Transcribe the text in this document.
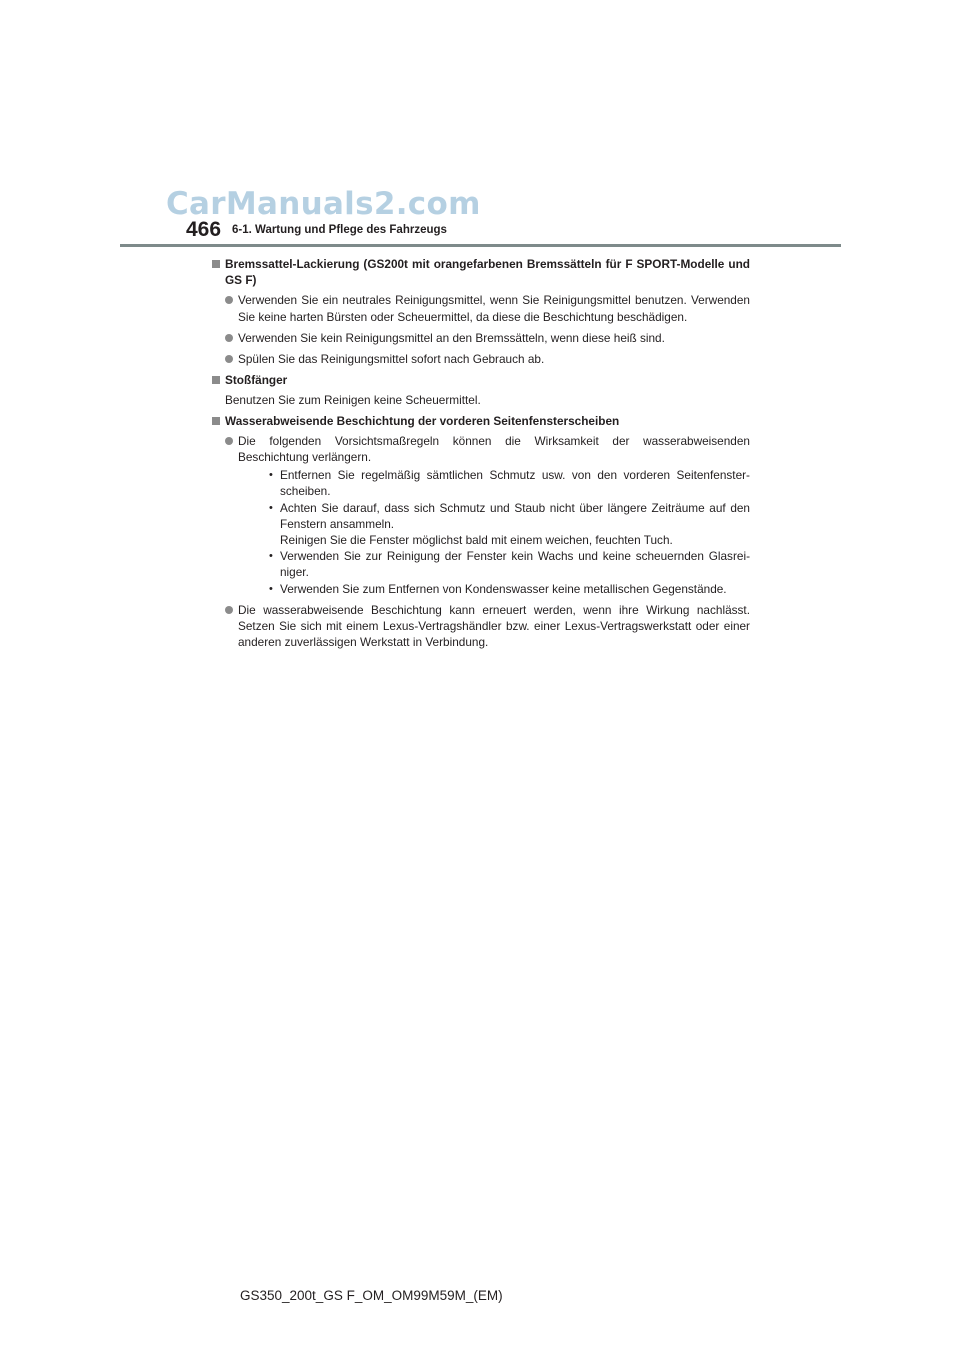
CarManuals2.com
466 6-1. Wartung und Pflege des Fahrzeugs
Bremssattel-Lackierung (GS200t mit orangefarbenen Bremssätteln für F SPORT-Modelle und GS F)
Verwenden Sie ein neutrales Reinigungsmittel, wenn Sie Reinigungsmittel benutzen. Verwenden Sie keine harten Bürsten oder Scheuermittel, da diese die Beschichtung beschädigen.
Verwenden Sie kein Reinigungsmittel an den Bremssätteln, wenn diese heiß sind.
Spülen Sie das Reinigungsmittel sofort nach Gebrauch ab.
Stoßfänger
Benutzen Sie zum Reinigen keine Scheuermittel.
Wasserabweisende Beschichtung der vorderen Seitenfensterscheiben
Die folgenden Vorsichtsmaßregeln können die Wirksamkeit der wasserabweisenden Beschichtung verlängern.
• Entfernen Sie regelmäßig sämtlichen Schmutz usw. von den vorderen Seitenfenster-scheiben.
• Achten Sie darauf, dass sich Schmutz und Staub nicht über längere Zeiträume auf den Fenstern ansammeln.
Reinigen Sie die Fenster möglichst bald mit einem weichen, feuchten Tuch.
• Verwenden Sie zur Reinigung der Fenster kein Wachs und keine scheuernden Glasrei-niger.
• Verwenden Sie zum Entfernen von Kondenswasser keine metallischen Gegenstände.
Die wasserabweisende Beschichtung kann erneuert werden, wenn ihre Wirkung nachlässt. Setzen Sie sich mit einem Lexus-Vertragshändler bzw. einer Lexus-Vertragswerkstatt oder einer anderen zuverlässigen Werkstatt in Verbindung.
GS350_200t_GS F_OM_OM99M59M_(EM)
